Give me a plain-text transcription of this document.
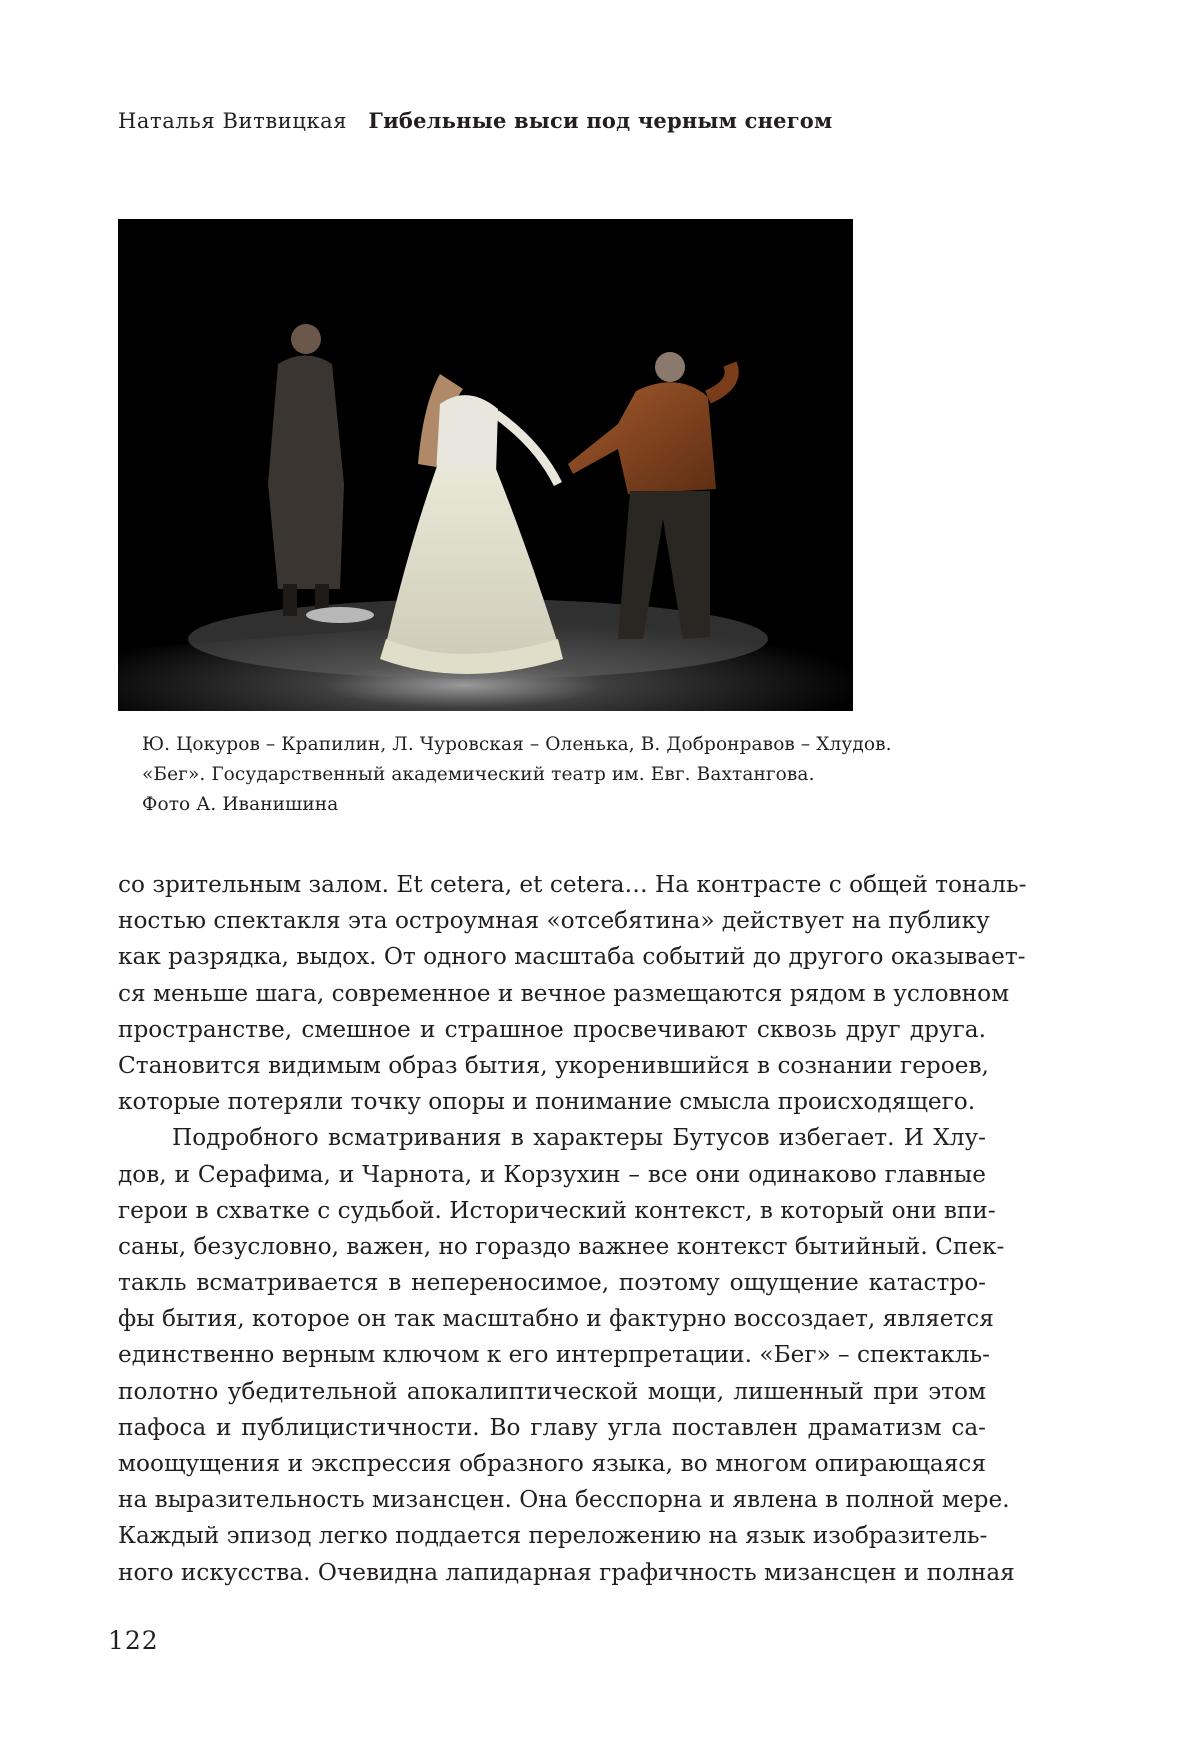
Наталья Витвицкая Гибельные выси под черным снегом
Ю. Цокуров – Крапилин, Л. Чуровская – Оленька, В. Добронравов – Хлудов.
«Бег». Государственный академический театр им. Евг. Вахтангова.
Фото А. Иванишина
со зрительным залом. Et cetera, et cetera… На контрасте с общей тональ-
ностью спектакля эта остроумная «отсебятина» действует на публику
как разрядка, выдох. От одного масштаба событий до другого оказывает-
ся меньше шага, современное и вечное размещаются рядом в условном
пространстве, смешное и страшное просвечивают сквозь друг друга.
Становится видимым образ бытия, укоренившийся в сознании героев,
которые потеряли точку опоры и понимание смысла происходящего.
Подробного всматривания в характеры Бутусов избегает. И Хлу-
дов, и Серафима, и Чарнота, и Корзухин – все они одинаково главные
герои в схватке с судьбой. Исторический контекст, в который они впи-
саны, безусловно, важен, но гораздо важнее контекст бытийный. Спек-
такль всматривается в непереносимое, поэтому ощущение катастро-
фы бытия, которое он так масштабно и фактурно воссоздает, является
единственно верным ключом к его интерпретации. «Бег» – спектакль-
полотно убедительной апокалиптической мощи, лишенный при этом
пафоса и публицистичности. Во главу угла поставлен драматизм са-
моощущения и экспрессия образного языка, во многом опирающаяся
на выразительность мизансцен. Она бесспорна и явлена в полной мере.
Каждый эпизод легко поддается переложению на язык изобразитель-
ного искусства. Очевидна лапидарная графичность мизансцен и полная
122
